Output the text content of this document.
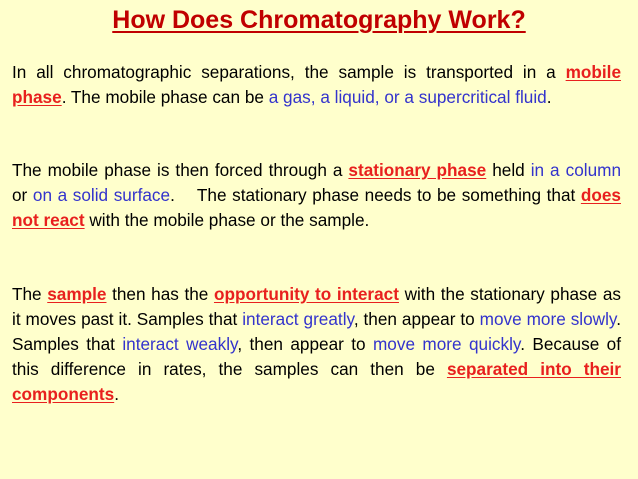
How Does Chromatography Work?
In all chromatographic separations, the sample is transported in a mobile phase. The mobile phase can be a gas, a liquid, or a supercritical fluid.
The mobile phase is then forced through a stationary phase held in a column or on a solid surface.    The stationary phase needs to be something that does not react with the mobile phase or the sample.
The sample then has the opportunity to interact with the stationary phase as it moves past it. Samples that interact greatly, then appear to move more slowly. Samples that interact weakly, then appear to move more quickly. Because of this difference in rates, the samples can then be separated into their components.
